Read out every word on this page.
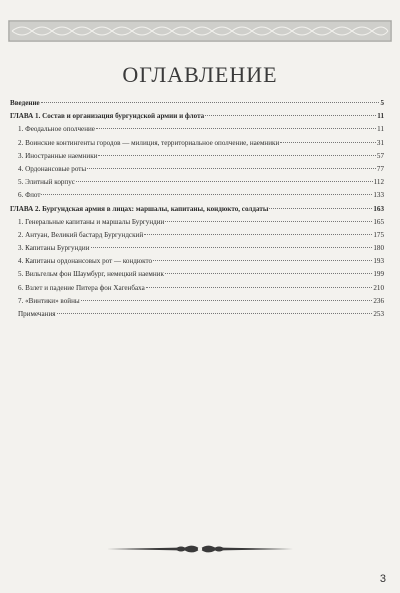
ОГЛАВЛЕНИЕ
Введение	5
ГЛАВА 1. Состав и организация бургундской армии и флота	11
1. Феодальное ополчение	11
2. Воинские контингенты городов — милиция, территориальное ополчение, наемники	31
3. Иностранные наемники	57
4. Ордонансовые роты	77
5. Элитный корпус	112
6. Флот	133
ГЛАВА 2. Бургундская армия в лицах: маршалы, капитаны, кондюкто, солдаты	163
1. Генеральные капитаны и маршалы Бургундии	165
2. Антуан, Великий бастард Бургундский	175
3. Капитаны Бургундии	180
4. Капитаны ордонансовых рот — кондюкто	193
5. Вильгельм фон Шаумбург, немецкий наемник	199
6. Взлет и падение Питера фон Хагенбаха	210
7. «Винтики» войны	236
Примечания	253
3
